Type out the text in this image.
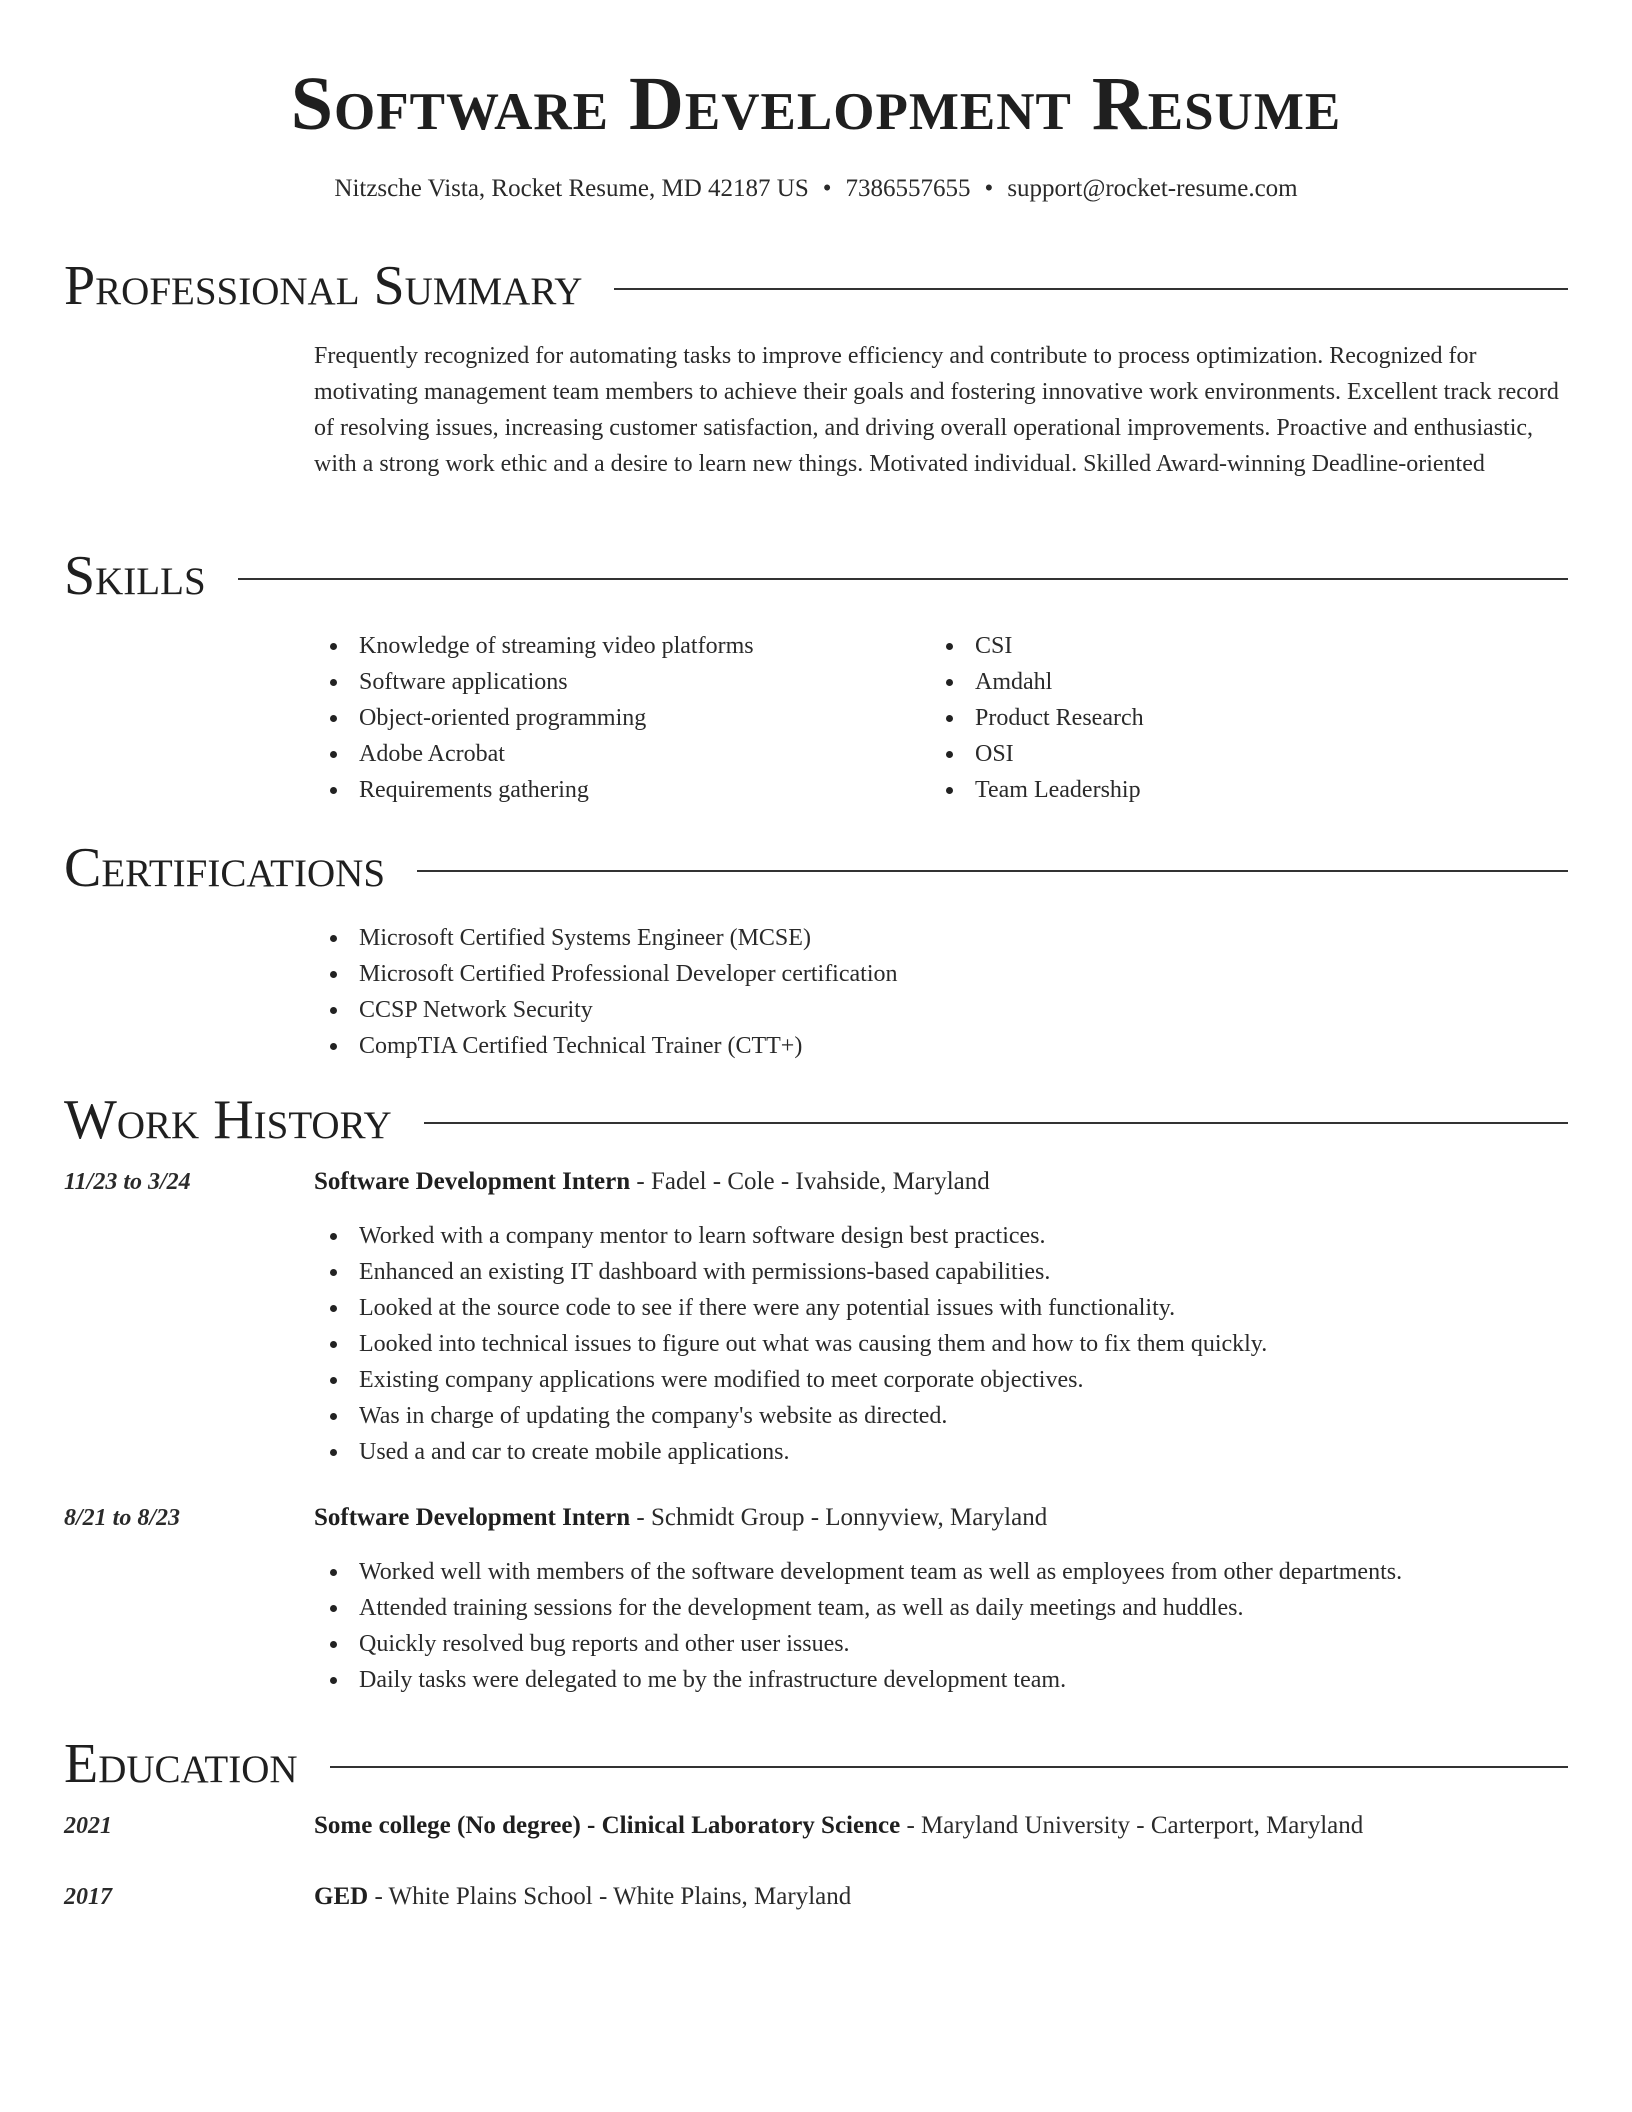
Software Development Resume
Nitzsche Vista, Rocket Resume, MD 42187 US • 7386557655 • support@rocket-resume.com
Professional Summary

Frequently recognized for automating tasks to improve efficiency and contribute to process optimization. Recognized for motivating management team members to achieve their goals and fostering innovative work environments. Excellent track record of resolving issues, increasing customer satisfaction, and driving overall operational improvements. Proactive and enthusiastic, with a strong work ethic and a desire to learn new things. Motivated individual. Skilled Award-winning Deadline-oriented

Skills
Knowledge of streaming video platforms
Software applications
Object-oriented programming
Adobe Acrobat
Requirements gathering
CSI
Amdahl
Product Research
OSI
Team Leadership
Certifications
Microsoft Certified Systems Engineer (MCSE)
Microsoft Certified Professional Developer certification
CCSP Network Security
CompTIA Certified Technical Trainer (CTT+)
Work History
11/23 to 3/24	Software Development Intern - Fadel - Cole - Ivahside, Maryland
Worked with a company mentor to learn software design best practices.
Enhanced an existing IT dashboard with permissions-based capabilities.
Looked at the source code to see if there were any potential issues with functionality.
Looked into technical issues to figure out what was causing them and how to fix them quickly.
Existing company applications were modified to meet corporate objectives.
Was in charge of updating the company's website as directed.
Used a and car to create mobile applications.
8/21 to 8/23	Software Development Intern - Schmidt Group - Lonnyview, Maryland
Worked well with members of the software development team as well as employees from other departments.
Attended training sessions for the development team, as well as daily meetings and huddles.
Quickly resolved bug reports and other user issues.
Daily tasks were delegated to me by the infrastructure development team.
Education
2021	Some college (No degree) - Clinical Laboratory Science - Maryland University - Carterport, Maryland
2017	GED - White Plains School - White Plains, Maryland
